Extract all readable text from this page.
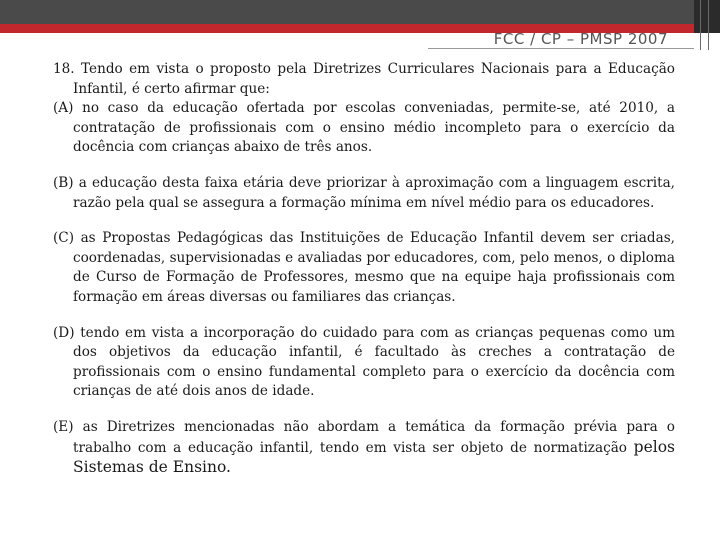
FCC / CP – PMSP 2007

18. Tendo em vista o proposto pela Diretrizes Curriculares Nacionais para a Educação Infantil, é certo afirmar que:

(A) no caso da educação ofertada por escolas conveniadas, permite-se, até 2010, a contratação de profissionais com o ensino médio incompleto para o exercício da docência com crianças abaixo de três anos.

(B) a educação desta faixa etária deve priorizar à aproximação com a linguagem escrita, razão pela qual se assegura a formação mínima em nível médio para os educadores.

(C) as Propostas Pedagógicas das Instituições de Educação Infantil devem ser criadas, coordenadas, supervisionadas e avaliadas por educadores, com, pelo menos, o diploma de Curso de Formação de Professores, mesmo que na equipe haja profissionais com formação em áreas diversas ou familiares das crianças.

(D) tendo em vista a incorporação do cuidado para com as crianças pequenas como um dos objetivos da educação infantil, é facultado às creches a contratação de profissionais com o ensino fundamental completo para o exercício da docência com crianças de até dois anos de idade.

(E) as Diretrizes mencionadas não abordam a temática da formação prévia para o trabalho com a educação infantil, tendo em vista ser objeto de normatização pelos Sistemas de Ensino.
